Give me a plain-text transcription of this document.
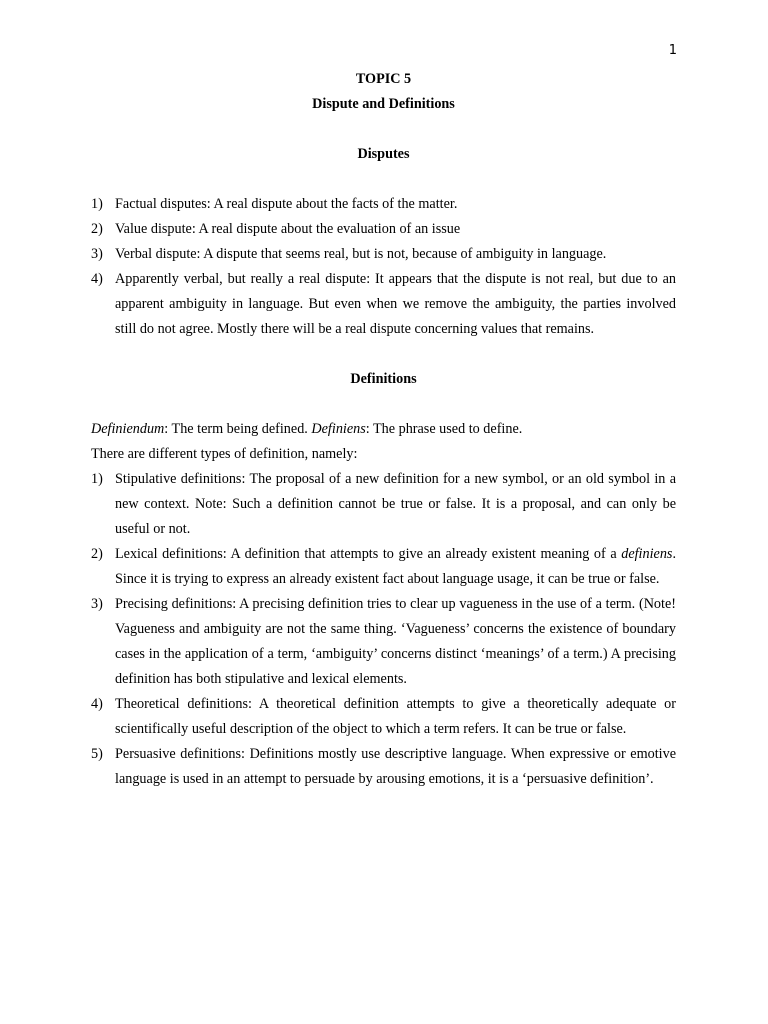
1

TOPIC 5

Dispute and Definitions

Disputes

1) Factual disputes: A real dispute about the facts of the matter.
2) Value dispute: A real dispute about the evaluation of an issue
3) Verbal dispute: A dispute that seems real, but is not, because of ambiguity in language.
4) Apparently verbal, but really a real dispute: It appears that the dispute is not real, but due to an apparent ambiguity in language. But even when we remove the ambiguity, the parties involved still do not agree. Mostly there will be a real dispute concerning values that remains.

Definitions

Definiendum: The term being defined. Definiens: The phrase used to define.

There are different types of definition, namely:

1) Stipulative definitions: The proposal of a new definition for a new symbol, or an old symbol in a new context. Note: Such a definition cannot be true or false. It is a proposal, and can only be useful or not.
2) Lexical definitions: A definition that attempts to give an already existent meaning of a definiens. Since it is trying to express an already existent fact about language usage, it can be true or false.
3) Precising definitions: A precising definition tries to clear up vagueness in the use of a term. (Note! Vagueness and ambiguity are not the same thing. ‘Vagueness’ concerns the existence of boundary cases in the application of a term, ‘ambiguity’ concerns distinct ‘meanings’ of a term.) A precising definition has both stipulative and lexical elements.
4) Theoretical definitions: A theoretical definition attempts to give a theoretically adequate or scientifically useful description of the object to which a term refers. It can be true or false.
5) Persuasive definitions: Definitions mostly use descriptive language. When expressive or emotive language is used in an attempt to persuade by arousing emotions, it is a ‘persuasive definition’.
